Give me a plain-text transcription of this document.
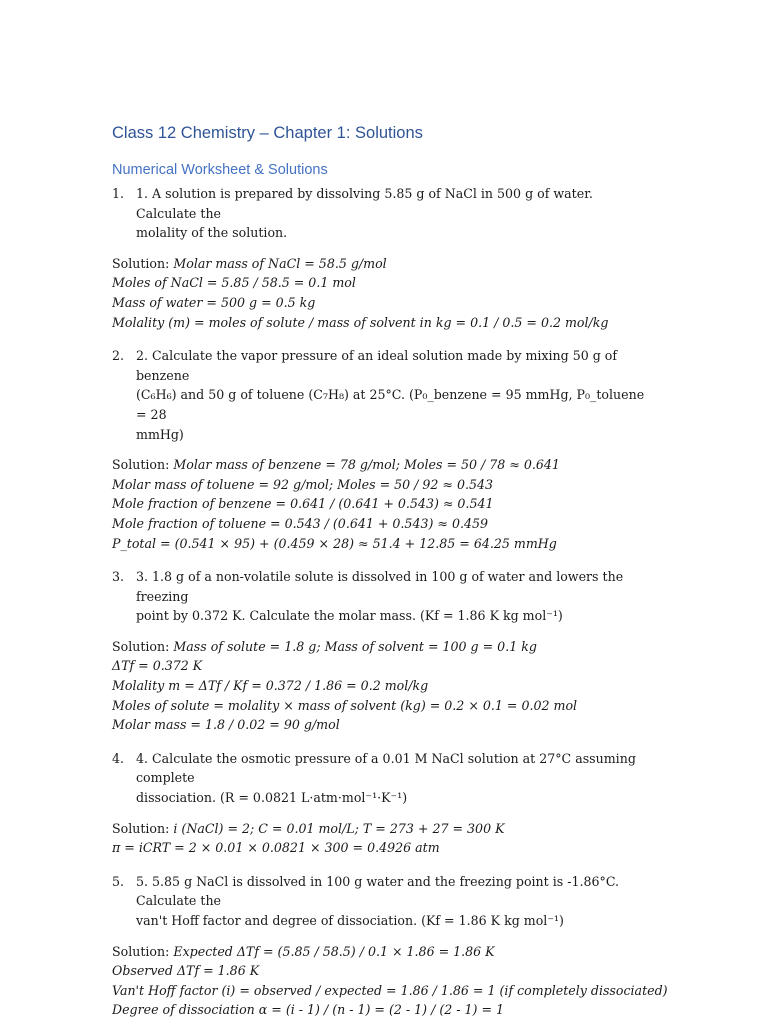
Class 12 Chemistry – Chapter 1: Solutions
Numerical Worksheet & Solutions
1. 1. A solution is prepared by dissolving 5.85 g of NaCl in 500 g of water. Calculate the
molality of the solution.
Solution: Molar mass of NaCl = 58.5 g/mol
Moles of NaCl = 5.85 / 58.5 = 0.1 mol
Mass of water = 500 g = 0.5 kg
Molality (m) = moles of solute / mass of solvent in kg = 0.1 / 0.5 = 0.2 mol/kg
2. 2. Calculate the vapor pressure of an ideal solution made by mixing 50 g of benzene
(C₆H₆) and 50 g of toluene (C₇H₈) at 25°C. (P₀_benzene = 95 mmHg, P₀_toluene = 28
mmHg)
Solution: Molar mass of benzene = 78 g/mol; Moles = 50 / 78 ≈ 0.641
Molar mass of toluene = 92 g/mol; Moles = 50 / 92 ≈ 0.543
Mole fraction of benzene = 0.641 / (0.641 + 0.543) ≈ 0.541
Mole fraction of toluene = 0.543 / (0.641 + 0.543) ≈ 0.459
P_total = (0.541 × 95) + (0.459 × 28) ≈ 51.4 + 12.85 = 64.25 mmHg
3. 3. 1.8 g of a non-volatile solute is dissolved in 100 g of water and lowers the freezing
point by 0.372 K. Calculate the molar mass. (Kf = 1.86 K kg mol⁻¹)
Solution: Mass of solute = 1.8 g; Mass of solvent = 100 g = 0.1 kg
ΔTf = 0.372 K
Molality m = ΔTf / Kf = 0.372 / 1.86 = 0.2 mol/kg
Moles of solute = molality × mass of solvent (kg) = 0.2 × 0.1 = 0.02 mol
Molar mass = 1.8 / 0.02 = 90 g/mol
4. 4. Calculate the osmotic pressure of a 0.01 M NaCl solution at 27°C assuming complete
dissociation. (R = 0.0821 L·atm·mol⁻¹·K⁻¹)
Solution: i (NaCl) = 2; C = 0.01 mol/L; T = 273 + 27 = 300 K
π = iCRT = 2 × 0.01 × 0.0821 × 300 = 0.4926 atm
5. 5. 5.85 g NaCl is dissolved in 100 g water and the freezing point is -1.86°C. Calculate the
van't Hoff factor and degree of dissociation. (Kf = 1.86 K kg mol⁻¹)
Solution: Expected ΔTf = (5.85 / 58.5) / 0.1 × 1.86 = 1.86 K
Observed ΔTf = 1.86 K
Van't Hoff factor (i) = observed / expected = 1.86 / 1.86 = 1 (if completely dissociated)
Degree of dissociation α = (i - 1) / (n - 1) = (2 - 1) / (2 - 1) = 1
